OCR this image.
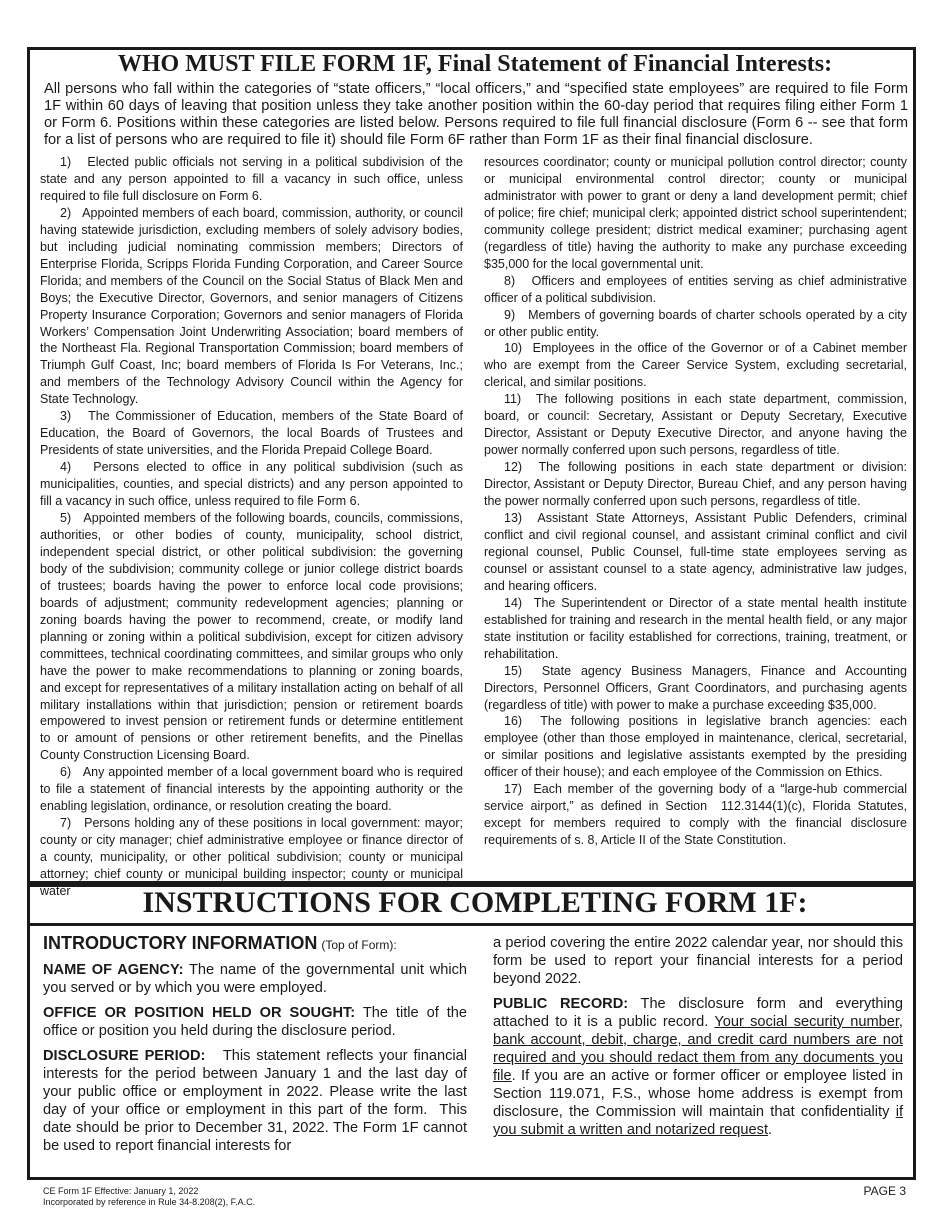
WHO MUST FILE FORM 1F, Final Statement of Financial Interests:

All persons who fall within the categories of “state officers,” “local officers,” and “specified state employees” are required to file Form 1F within 60 days of leaving that position unless they take another position within the 60-day period that requires filing either Form 1 or Form 6. Positions within these categories are listed below. Persons required to file full financial disclosure (Form 6 -- see that form for a list of persons who are required to file it) should file Form 6F rather than Form 1F as their final financial disclosure.

1)   Elected public officials not serving in a political subdivision of the state and any person appointed to fill a vacancy in such office, unless required to file full disclosure on Form 6.

2)   Appointed members of each board, commission, authority, or council having statewide jurisdiction, excluding members of solely advisory bodies, but including judicial nominating commission members; Directors of Enterprise Florida, Scripps Florida Funding Corporation, and Career Source Florida; and members of the Council on the Social Status of Black Men and Boys; the Executive Director, Governors, and senior managers of Citizens Property Insurance Corporation; Governors and senior managers of Florida Workers’ Compensation Joint Underwriting Association; board members of the Northeast Fla. Regional Transportation Commission; board members of Triumph Gulf Coast, Inc; board members of Florida Is For Veterans, Inc.; and members of the Technology Advisory Council within the Agency for State Technology.

3)   The Commissioner of Education, members of the State Board of Education, the Board of Governors, the local Boards of Trustees and Presidents of state universities, and the Florida Prepaid College Board.

4)   Persons elected to office in any political subdivision (such as municipalities, counties, and special districts) and any person appointed to fill a vacancy in such office, unless required to file Form 6.

5)   Appointed members of the following boards, councils, commissions, authorities, or other bodies of county, municipality, school district, independent special district, or other political subdivision: the governing body of the subdivision; community college or junior college district boards of trustees; boards having the power to enforce local code provisions; boards of adjustment; community redevelopment agencies; planning or zoning boards having the power to recommend, create, or modify land planning or zoning within a political subdivision, except for citizen advisory committees, technical coordinating committees, and similar groups who only have the power to make recommendations to planning or zoning boards, and except for representatives of a military installation acting on behalf of all military installations within that jurisdiction; pension or retirement boards empowered to invest pension or retirement funds or determine entitlement to or amount of pensions or other retirement benefits, and the Pinellas County Construction Licensing Board.

6)   Any appointed member of a local government board who is required to file a statement of financial interests by the appointing authority or the enabling legislation, ordinance, or resolution creating the board.

7)   Persons holding any of these positions in local government: mayor; county or city manager; chief administrative employee or finance director of a county, municipality, or other political subdivision; county or municipal attorney; chief county or municipal building inspector; county or municipal water

resources coordinator; county or municipal pollution control director; county or municipal environmental control director; county or municipal administrator with power to grant or deny a land development permit; chief of police; fire chief; municipal clerk; appointed district school superintendent; community college president; district medical examiner; purchasing agent (regardless of title) having the authority to make any purchase exceeding $35,000 for the local governmental unit.

8)   Officers and employees of entities serving as chief administrative officer of a political subdivision.

9)   Members of governing boards of charter schools operated by a city or other public entity.

10)  Employees in the office of the Governor or of a Cabinet member who are exempt from the Career Service System, excluding secretarial, clerical, and similar positions.

11)  The following positions in each state department, commission, board, or council: Secretary, Assistant or Deputy Secretary, Executive Director, Assistant or Deputy Executive Director, and anyone having the power normally conferred upon such persons, regardless of title.

12)  The following positions in each state department or division: Director, Assistant or Deputy Director, Bureau Chief, and any person having the power normally conferred upon such persons, regardless of title.

13)  Assistant State Attorneys, Assistant Public Defenders, criminal conflict and civil regional counsel, and assistant criminal conflict and civil regional counsel, Public Counsel, full-time state employees serving as counsel or assistant counsel to a state agency, administrative law judges, and hearing officers.

14)  The Superintendent or Director of a state mental health institute established for training and research in the mental health field, or any major state institution or facility established for corrections, training, treatment, or rehabilitation.

15)  State agency Business Managers, Finance and Accounting Directors, Personnel Officers, Grant Coordinators, and purchasing agents (regardless of title) with power to make a purchase exceeding $35,000.

16)  The following positions in legislative branch agencies: each employee (other than those employed in maintenance, clerical, secretarial, or similar positions and legislative assistants exempted by the presiding officer of their house); and each employee of the Commission on Ethics.

17)  Each member of the governing body of a “large-hub commercial service airport,” as defined in Section  112.3144(1)(c), Florida Statutes, except for members required to comply with the financial disclosure requirements of s. 8, Article II of the State Constitution.

INSTRUCTIONS FOR COMPLETING FORM 1F:

INTRODUCTORY INFORMATION (Top of Form):

NAME OF AGENCY: The name of the governmental unit which you served or by which you were employed.

OFFICE OR POSITION HELD OR SOUGHT: The title of the office or position you held during the disclosure period.

DISCLOSURE PERIOD: This statement reflects your financial interests for the period between January 1 and the last day of your public office or employment in 2022. Please write the last day of your office or employment in this part of the form.  This date should be prior to December 31, 2022. The Form 1F cannot be used to report financial interests for

a period covering the entire 2022 calendar year, nor should this form be used to report your financial interests for a period beyond 2022.

PUBLIC RECORD: The disclosure form and everything attached to it is a public record. Your social security number, bank account, debit, charge, and credit card numbers are not required and you should redact them from any documents you file. If you are an active or former officer or employee listed in Section 119.071, F.S., whose home address is exempt from disclosure, the Commission will maintain that confidentiality if you submit a written and notarized request.

CE Form 1F Effective: January 1, 2022
Incorporated by reference in Rule 34-8.208(2), F.A.C.
PAGE 3
